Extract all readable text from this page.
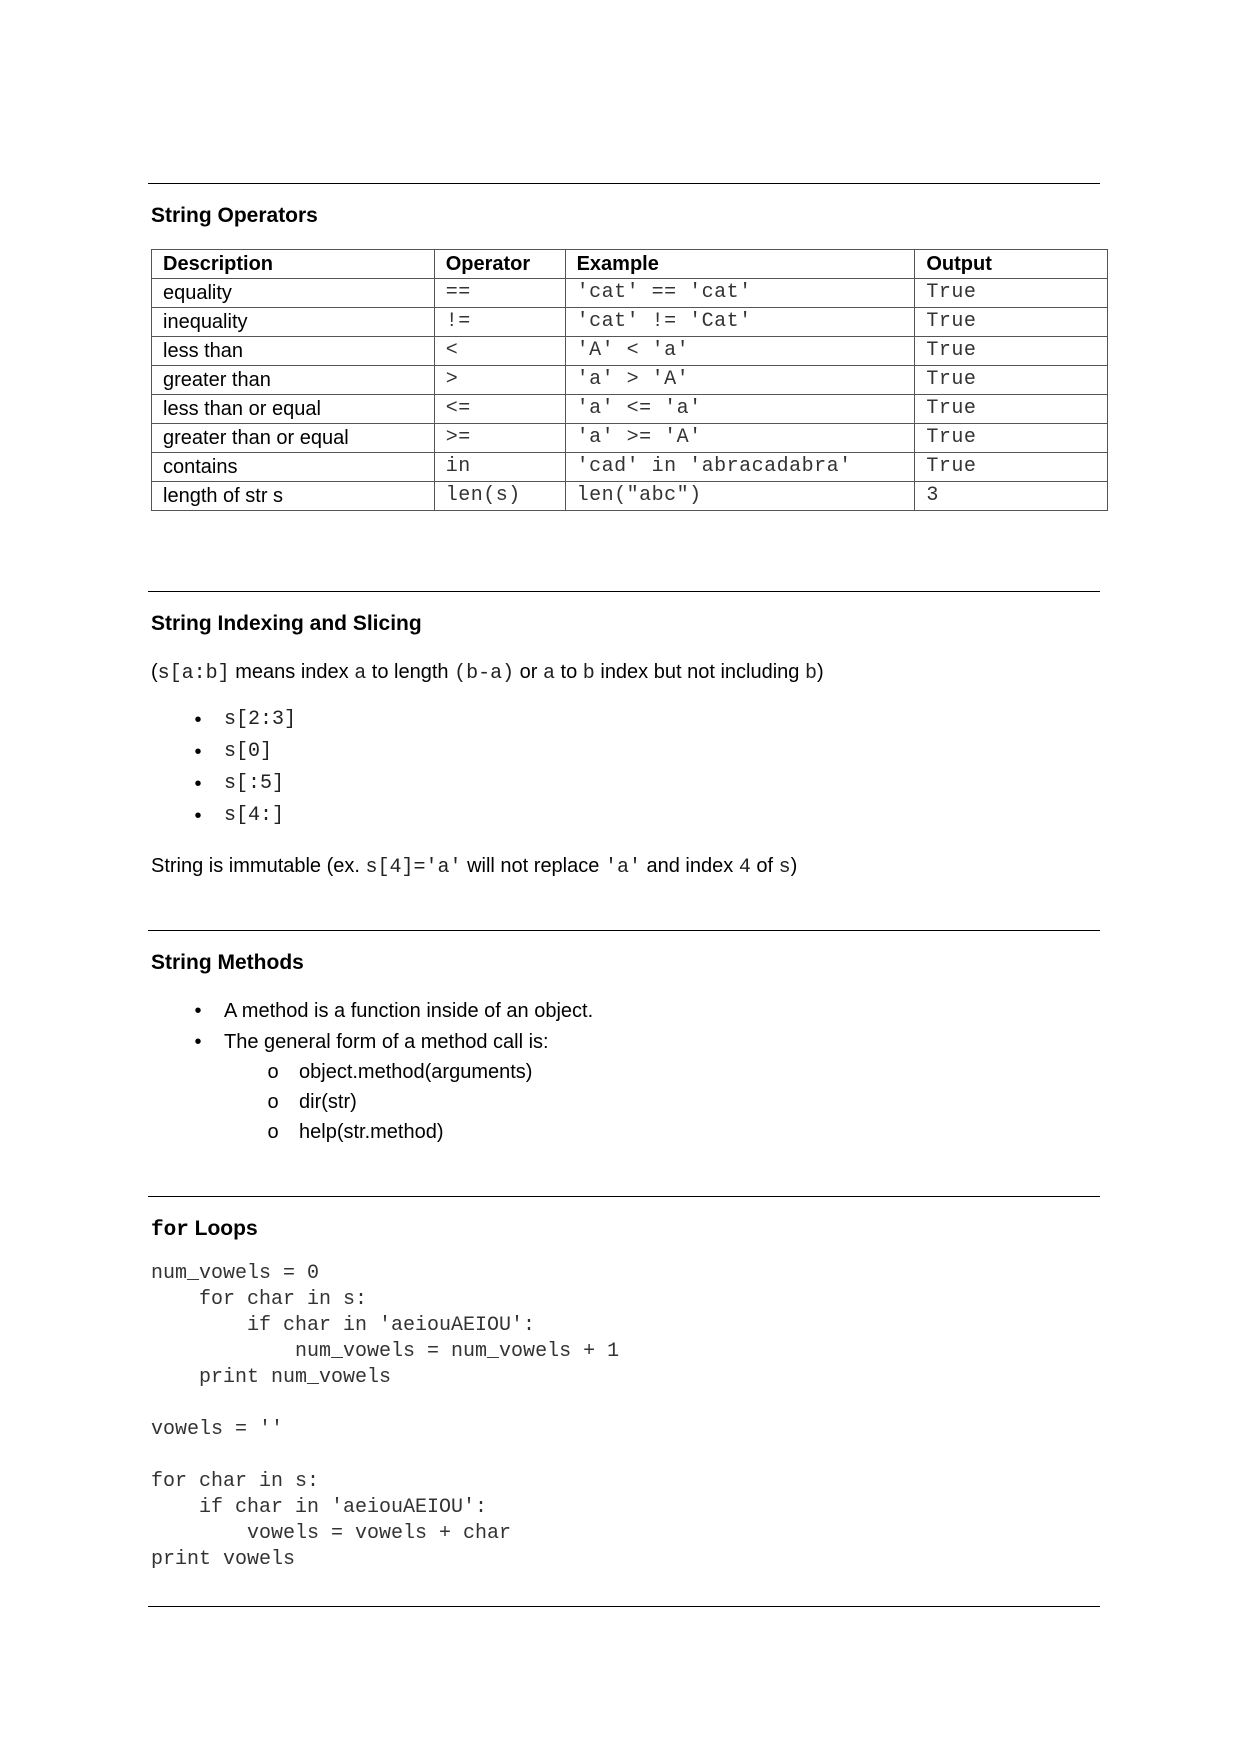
String Operators
Description	Operator	Example	Output
equality	==	'cat' == 'cat'	True
inequality	!=	'cat' != 'Cat'	True
less than	<	'A' < 'a'	True
greater than	>	'a' > 'A'	True
less than or equal	<=	'a' <= 'a'	True
greater than or equal	>=	'a' >= 'A'	True
contains	in	'cad' in 'abracadabra'	True
length of str s	len(s)	len("abc")	3
String Indexing and Slicing
(s[a:b] means index a to length (b-a) or a to b index but not including b)
•	s[2:3]
•	s[0]
•	s[:5]
•	s[4:]
String is immutable (ex. s[4]='a' will not replace 'a' and index 4 of s)
String Methods
•	A method is a function inside of an object.
•	The general form of a method call is:
o object.method(arguments)
o dir(str)
o help(str.method)
for Loops
num_vowels = 0
for char in s:
if char in 'aeiouAEIOU':
num_vowels = num_vowels + 1
print num_vowels

vowels = ''

for char in s:
if char in 'aeiouAEIOU':
vowels = vowels + char
print vowels
